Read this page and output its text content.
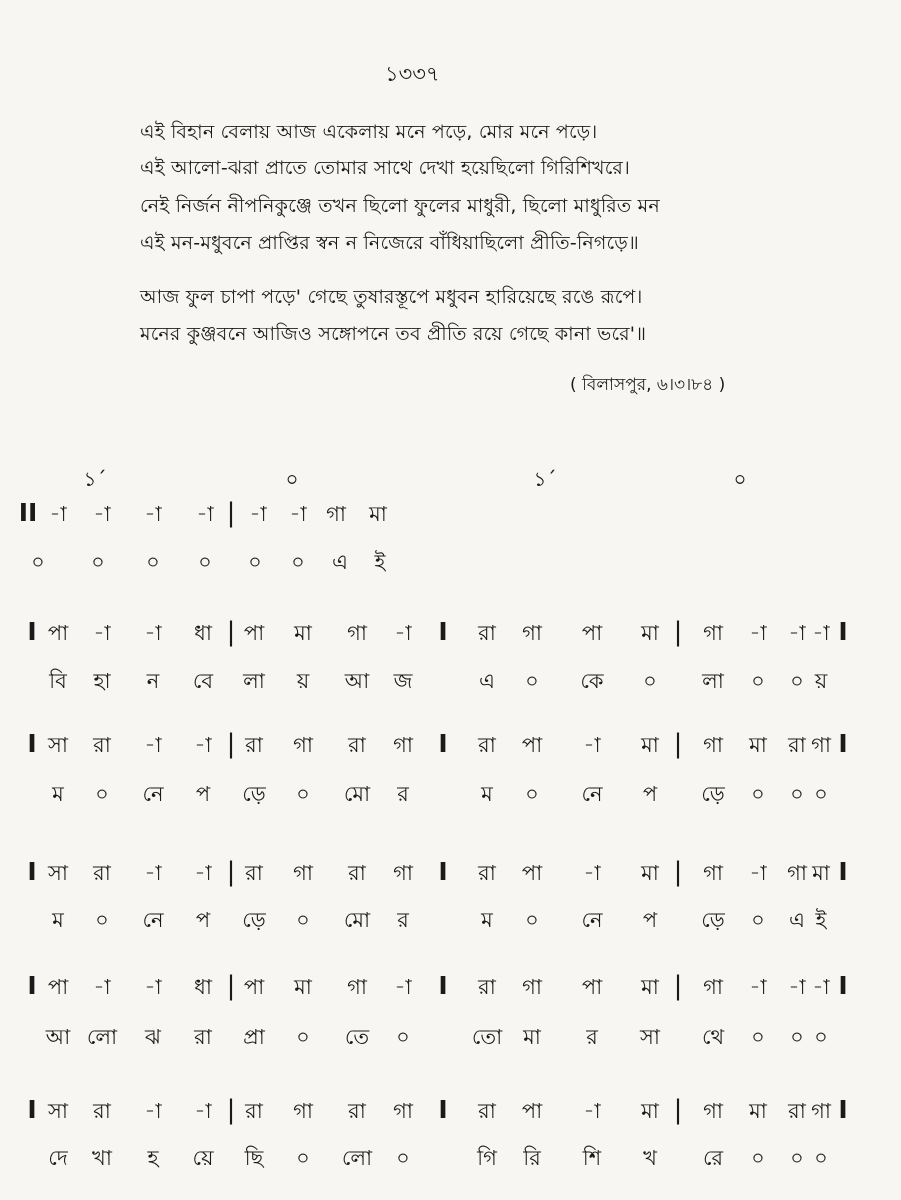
১৩৩৭
এই বিহান বেলায় আজ একেলায় মনে পড়ে, মোর মনে পড়ে।
এই আলো-ঝরা প্রাতে তোমার সাথে দেখা হয়েছিলো গিরিশিখরে।
নেই নির্জন নীপনিকুঞ্জে তখন ছিলো ফুলের মাধুরী, ছিলো মাধুরিত মন
এই মন-মধুবনে প্রাপ্তির স্বন ন নিজেরে বাঁধিয়াছিলো প্রীতি-নিগড়ে॥
আজ ফুল চাপা পড়ে' গেছে তুষারস্তূপে মধুবন হারিয়েছে রঙে রূপে।
মনের কুঞ্জবনে আজিও সঙ্গোপনে তব প্রীতি রয়ে গেছে কানা ভরে'॥
( বিলাসপুর, ৬।৩।৮৪ )
১´	০	১´	০
II -া -া -া -া | -া -া গা মা
০ ০ ০ ০ ০ ০ এ ই
I পা -া -া ধা | পা মা গা -া I রা গা পা মা | গা -া -া -া I
বি হা ন বে লা য় আ জ	এ ০ কে ০ লা ০ ০ য়
I সা রা -া -া | রা গা রা গা I রা পা -া মা | গা মা রা গা I
ম ০ নে প ড়ে ০ মো র	ম ০ নে প ড়ে ০ ০ ০
I সা রা -া -া | রা গা রা গা I রা পা -া মা | গা -া গা মা I
ম ০ নে প ড়ে ০ মো র	ম ০ নে প ড়ে ০ এ ই
I পা -া -া ধা | পা মা গা -া I রা গা পা মা | গা -া -া -া I
আ লো ঝ রা প্রা ০ তে ০	তো মা র সা থে ০ ০ ০
I সা রা -া -া | রা গা রা গা I রা পা -া মা | গা মা রা গা I
দে খা হ য়ে ছি ০ লো ০	গি রি শি খ রে ০ ০ ০
